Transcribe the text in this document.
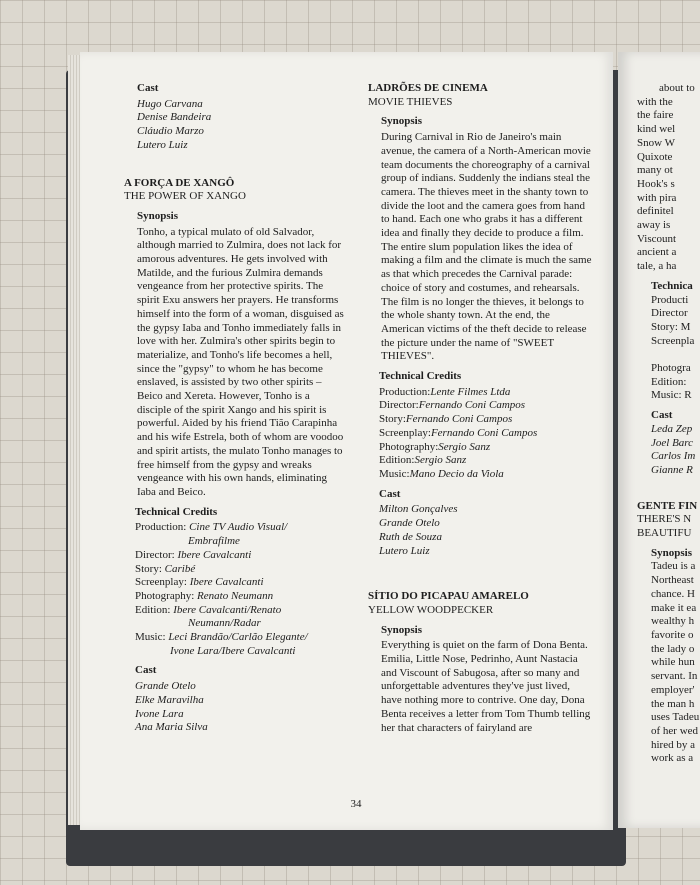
Cast

Hugo Carvana

Denise Bandeira

Cláudio Marzo

Lutero Luiz

A FORÇA DE XANGÔ

THE POWER OF XANGO

Synopsis

Tonho, a typical mulato of old Salvador, although married to Zulmira, does not lack for amorous adventures. He gets involved with Matilde, and the furious Zulmira demands vengeance from her protective spirits. The spirit Exu answers her prayers. He transforms himself into the form of a woman, disguised as the gypsy Iaba and Tonho immediately falls in love with her. Zulmira's other spirits begin to materialize, and Tonho's life becomes a hell, since the "gypsy" to whom he has become enslaved, is assisted by two other spirits – Beico and Xereta. However, Tonho is a disciple of the spirit Xango and his spirit is powerful. Aided by his friend Tião Carapinha and his wife Estrela, both of whom are voodoo and spirit artists, the mulato Tonho manages to free himself from the gypsy and wreaks vengeance with his own hands, eliminating Iaba and Beico.

Technical Credits

Production: Cine TV Audio Visual/

Embrafilme

Director: Ibere Cavalcanti

Story: Caribé

Screenplay: Ibere Cavalcanti

Photography: Renato Neumann

Edition: Ibere Cavalcanti/Renato

Neumann/Radar

Music: Leci Brandão/Carlão Elegante/

Ivone Lara/Ibere Cavalcanti

Cast

Grande Otelo

Elke Maravilha

Ivone Lara

Ana Maria Silva

LADRÕES DE CINEMA

MOVIE THIEVES

Synopsis

During Carnival in Rio de Janeiro's main avenue, the camera of a North-American movie team documents the choreography of a carnival group of indians. Suddenly the indians steal the camera. The thieves meet in the shanty town to divide the loot and the camera goes from hand to hand. Each one who grabs it has a different idea and finally they decide to produce a film. The entire slum population likes the idea of making a film and the climate is much the same as that which precedes the Carnival parade: choice of story and costumes, and rehearsals. The film is no longer the thieves, it belongs to the whole shanty town. At the end, the American victims of the theft decide to release the picture under the name of "SWEET THIEVES".

Technical Credits

Production:Lente Filmes Ltda

Director:Fernando Coni Campos

Story:Fernando Coni Campos

Screenplay:Fernando Coni Campos

Photography:Sergio Sanz

Edition:Sergio Sanz

Music:Mano Decio da Viola

Cast

Milton Gonçalves

Grande Otelo

Ruth de Souza

Lutero Luiz

SÍTIO DO PICAPAU AMARELO

YELLOW WOODPECKER

Synopsis

Everything is quiet on the farm of Dona Benta. Emilia, Little Nose, Pedrinho, Aunt Nastacia and Viscount of Sabugosa, after so many and unforgettable adventures they've just lived, have nothing more to contrive. One day, Dona Benta receives a letter from Tom Thumb telling her that characters of fairyland are

34

about to

with the

the faire

kind wel

Snow W

Quixote

many ot

Hook's s

with pira

definitel

away is

Viscount

ancient a

tale, a ha

Technica

Producti

Director

Story: M

Screenpla

Photogra

Edition:

Music: R

Cast

Leda Zep

Joel Barc

Carlos Im

Gianne R

GENTE FIN

THERE'S N

BEAUTIFU

Synopsis

Tadeu is a

Northeast

chance. H

make it ea

wealthy h

favorite o

the lady o

while hun

servant. In

employer'

the man h

uses Tadeu

of her wed

hired by a

work as a
